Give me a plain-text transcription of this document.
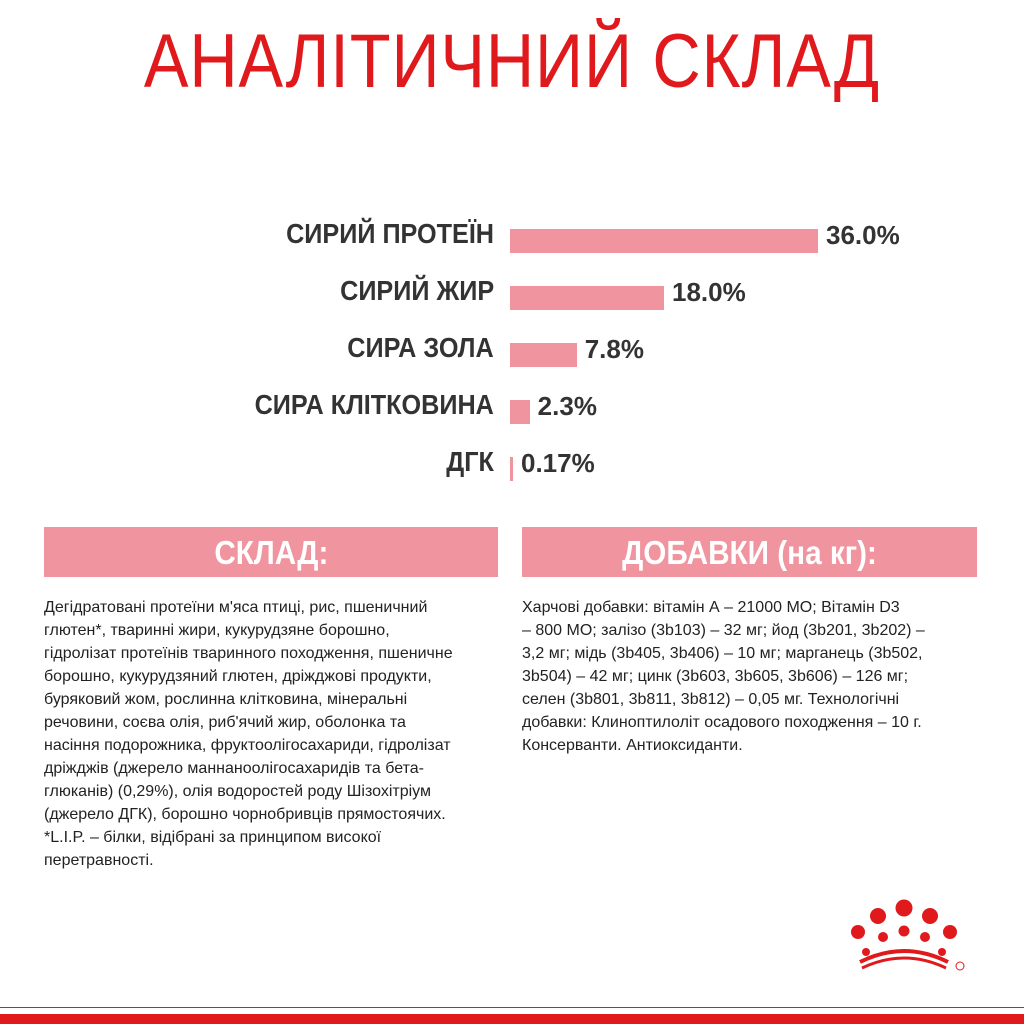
АНАЛІТИЧНИЙ СКЛАД
СИРИЙ ПРОТЕЇН	36.0%
СИРИЙ ЖИР	18.0%
СИРА ЗОЛА	7.8%
СИРА КЛІТКОВИНА 2.3%
ДГК 0.17%
СКЛАД:	ДОБАВКИ (на кг):
Дегідратовані протеїни м'яса птиці, рис, пшеничний
глютен*, тваринні жири, кукурудзяне борошно,
гідролізат протеїнів тваринного походження, пшеничне
борошно, кукурудзяний глютен, дріжджові продукти,
буряковий жом, рослинна клітковина, мінеральні
речовини, соєва олія, риб'ячий жир, оболонка та
насіння подорожника, фруктоолігосахариди, гідролізат
дріжджів (джерело маннаноолігосахаридів та бета-
глюканів) (0,29%), олія водоростей роду Шізохітріум
(джерело ДГК), борошно чорнобривців прямостоячих.
*L.I.P. – білки, відібрані за принципом високої
перетравності.
Харчові добавки: вітамін А – 21000 МО; Вітамін D3
– 800 МО; залізо (3b103) – 32 мг; йод (3b201, 3b202) –
3,2 мг; мідь (3b405, 3b406) – 10 мг; марганець (3b502,
3b504) – 42 мг; цинк (3b603, 3b605, 3b606) – 126 мг;
селен (3b801, 3b811, 3b812) – 0,05 мг. Технологічні
добавки: Клиноптилоліт осадового походження – 10 г.
Консерванти. Антиоксиданти.
